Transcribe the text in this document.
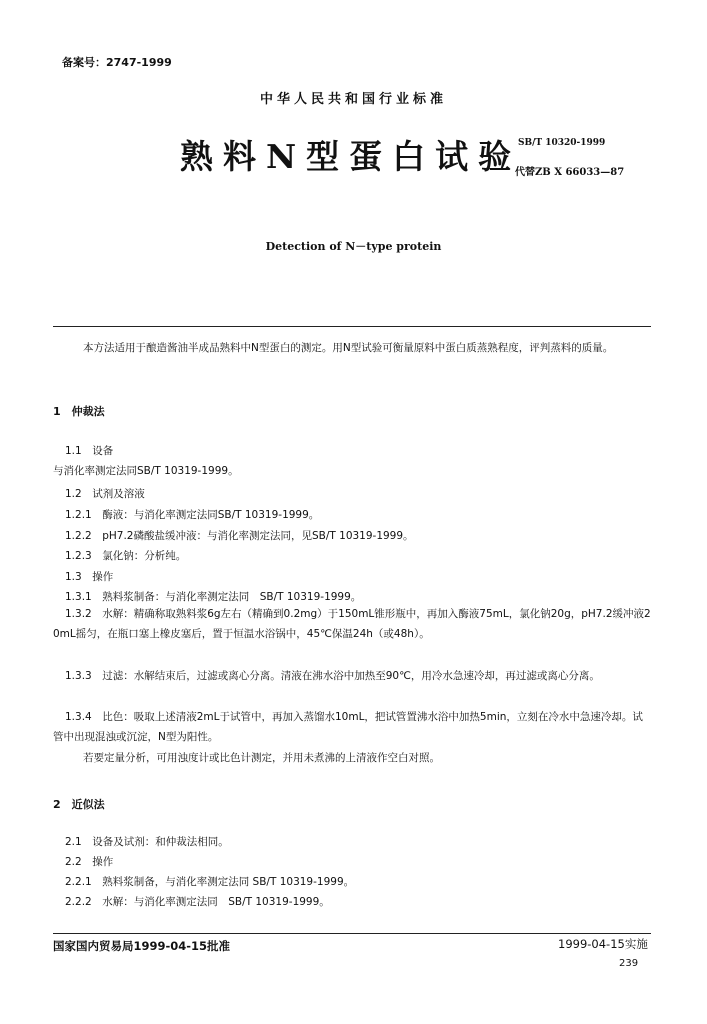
备案号：2747-1999
中华人民共和国行业标准
熟料N型蛋白试验
SB/T 10320-1999
代替ZB X 66033—87
Detection of N－type protein
本方法适用于酿造酱油半成品熟料中N型蛋白的测定。用N型试验可衡量原料中蛋白质蒸熟程度，评判蒸料的质量。
1　仲裁法
1.1　设备
与消化率测定法同SB/T 10319-1999。
1.2　试剂及溶液
1.2.1　酶液：与消化率测定法同SB/T 10319-1999。
1.2.2　pH7.2磷酸盐缓冲液：与消化率测定法同，见SB/T 10319-1999。
1.2.3　氯化钠：分析纯。
1.3　操作
1.3.1　熟料浆制备：与消化率测定法同　SB/T 10319-1999。
1.3.2　水解：精确称取熟料浆6g左右（精确到0.2mg）于150mL锥形瓶中，再加入酶液75mL，氯化钠20g，pH7.2缓冲液20mL摇匀，在瓶口塞上橡皮塞后，置于恒温水浴锅中，45℃保温24h（或48h）。
1.3.3　过滤：水解结束后，过滤或离心分离。清液在沸水浴中加热至90℃，用冷水急速冷却，再过滤或离心分离。
1.3.4　比色：吸取上述清液2mL于试管中，再加入蒸馏水10mL，把试管置沸水浴中加热5min，立刻在冷水中急速冷却。试管中出现混浊或沉淀，N型为阳性。
若要定量分析，可用浊度计或比色计测定，并用未煮沸的上清液作空白对照。
2　近似法
2.1　设备及试剂：和仲裁法相同。
2.2　操作
2.2.1　熟料浆制备，与消化率测定法同 SB/T 10319-1999。
2.2.2　水解：与消化率测定法同　SB/T 10319-1999。
国家国内贸易局1999-04-15批准	1999-04-15实施
239
